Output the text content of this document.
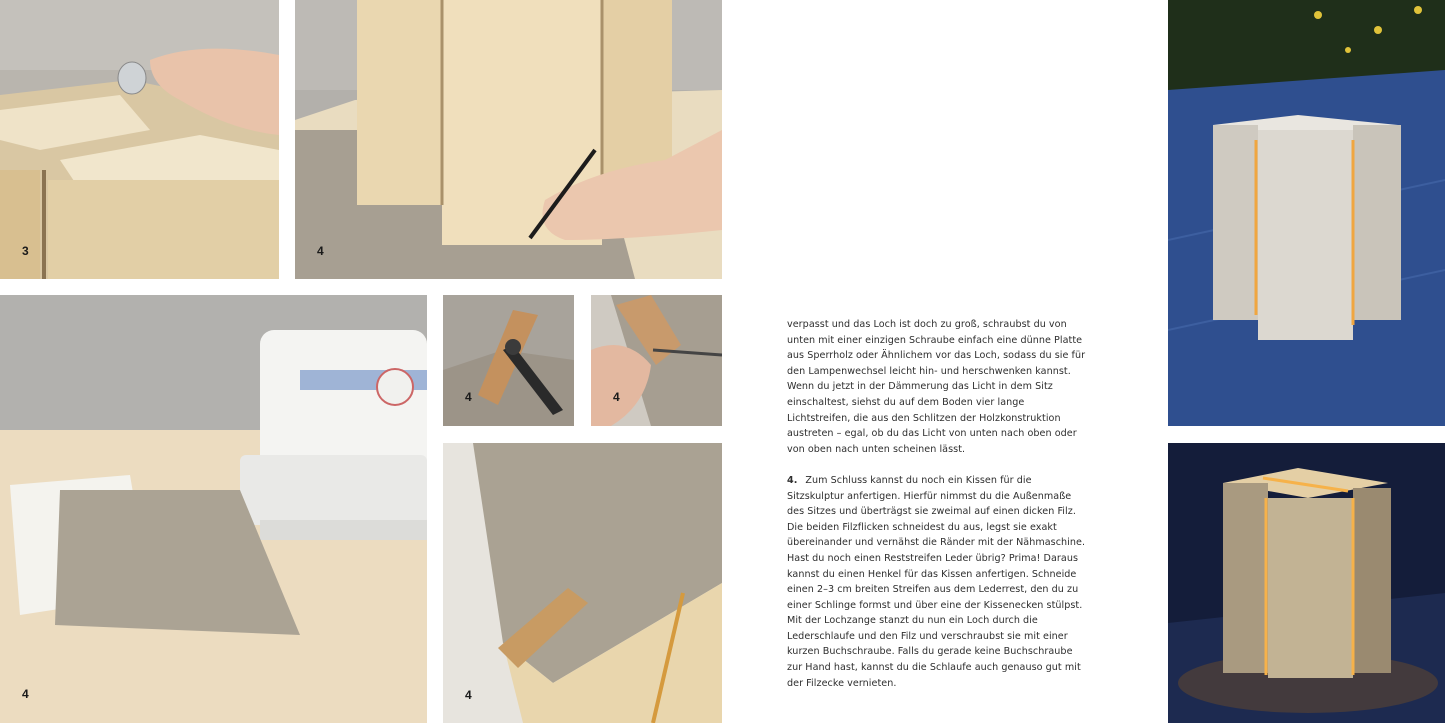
3	4
4
4	4
4

verpasst und das Loch ist doch zu groß, schraubst du von unten mit einer einzigen Schraube einfach eine dünne Platte aus Sperrholz oder Ähnlichem vor das Loch, sodass du sie für den Lampenwechsel leicht hin- und herschwenken kannst. Wenn du jetzt in der Dämmerung das Licht in dem Sitz einschaltest, siehst du auf dem Boden vier lange Lichtstreifen, die aus den Schlitzen der Holzkonstruktion austreten – egal, ob du das Licht von unten nach oben oder von oben nach unten scheinen lässt.

4. Zum Schluss kannst du noch ein Kissen für die Sitzskulptur anfertigen. Hierfür nimmst du die Außenmaße des Sitzes und überträgst sie zweimal auf einen dicken Filz. Die beiden Filzflicken schneidest du aus, legst sie exakt übereinander und vernähst die Ränder mit der Nähmaschine. Hast du noch einen Reststreifen Leder übrig? Prima! Daraus kannst du einen Henkel für das Kissen anfertigen. Schneide einen 2–3 cm breiten Streifen aus dem Lederrest, den du zu einer Schlinge formst und über eine der Kissenecken stülpst. Mit der Lochzange stanzt du nun ein Loch durch die Lederschlaufe und den Filz und verschraubst sie mit einer kurzen Buchschraube. Falls du gerade keine Buchschraube zur Hand hast, kannst du die Schlaufe auch genauso gut mit der Filzecke vernieten.
